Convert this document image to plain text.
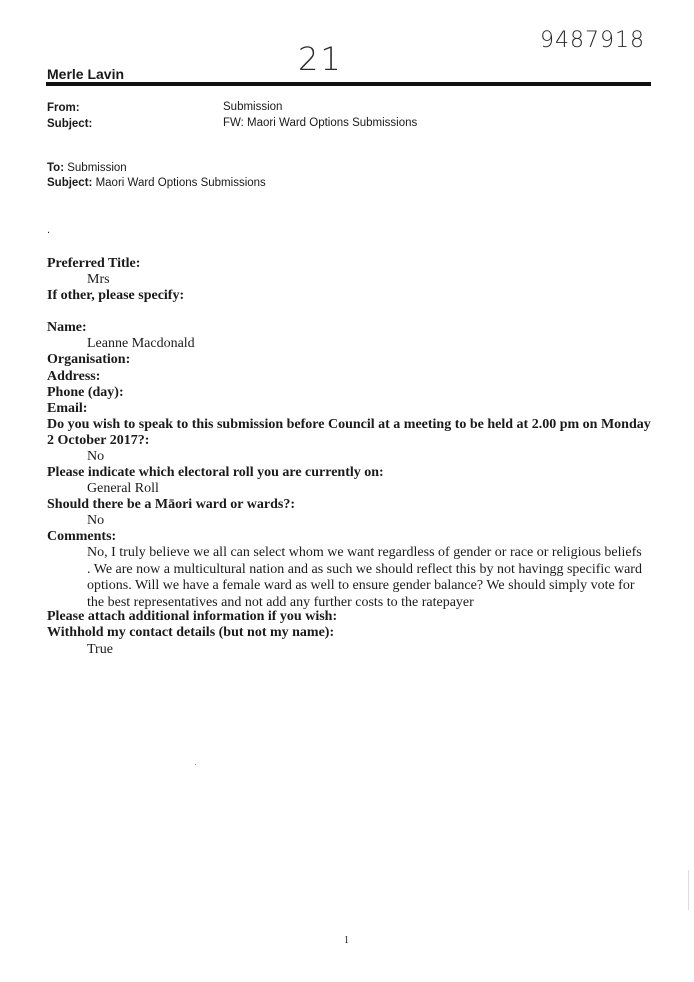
21	9487918
Merle Lavin
From:	Submission
Subject:	FW: Maori Ward Options Submissions
To: Submission
Subject: Maori Ward Options Submissions
.
Preferred Title:
Mrs
If other, please specify:
Name:
Leanne Macdonald
Organisation:
Address:
Phone (day):
Email:
Do you wish to speak to this submission before Council at a meeting to be held at 2.00 pm on Monday
2 October 2017?:
No
Please indicate which electoral roll you are currently on:
General Roll
Should there be a Māori ward or wards?:
No
Comments:
No, I truly believe we all can select whom we want regardless of gender or race or religious beliefs . We are now a multicultural nation and as such we should reflect this by not havingg specific ward options. Will we have a female ward as well to ensure gender balance? We should simply vote for the best representatives and not add any further costs to the ratepayer
Please attach additional information if you wish:
Withhold my contact details (but not my name):
True
1
